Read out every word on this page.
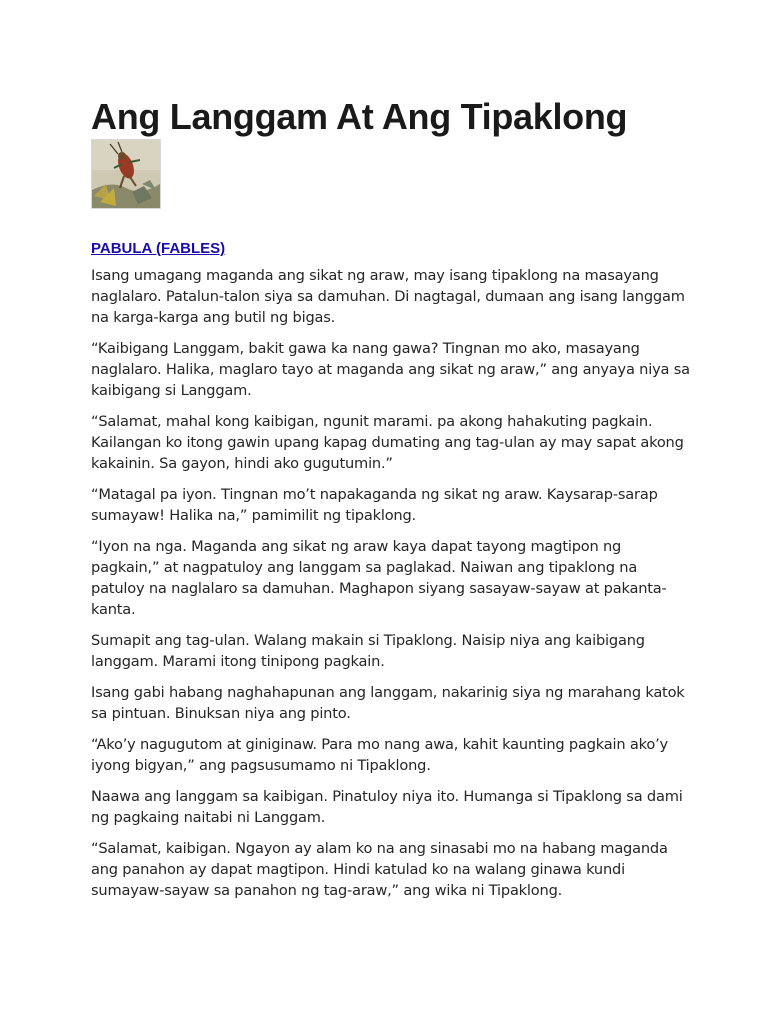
Ang Langgam At Ang Tipaklong
PABULA (FABLES)

Isang umagang maganda ang sikat ng araw, may isang tipaklong na masayang naglalaro. Patalun-talon siya sa damuhan. Di nagtagal, dumaan ang isang langgam na karga-karga ang butil ng bigas.

“Kaibigang Langgam, bakit gawa ka nang gawa? Tingnan mo ako, masayang naglalaro. Halika, maglaro tayo at maganda ang sikat ng araw,” ang anyaya niya sa kaibigang si Langgam.

“Salamat, mahal kong kaibigan, ngunit marami. pa akong hahakuting pagkain. Kailangan ko itong gawin upang kapag dumating ang tag-ulan ay may sapat akong kakainin. Sa gayon, hindi ako gugutumin.”

“Matagal pa iyon. Tingnan mo’t napakaganda ng sikat ng araw. Kaysarap-sarap sumayaw! Halika na,” pamimilit ng tipaklong.

“Iyon na nga. Maganda ang sikat ng araw kaya dapat tayong magtipon ng pagkain,” at nagpatuloy ang langgam sa paglakad. Naiwan ang tipaklong na patuloy na naglalaro sa damuhan. Maghapon siyang sasayaw-sayaw at pakanta-kanta.

Sumapit ang tag-ulan. Walang makain si Tipaklong. Naisip niya ang kaibigang langgam. Marami itong tinipong pagkain.

Isang gabi habang naghahapunan ang langgam, nakarinig siya ng marahang katok sa pintuan. Binuksan niya ang pinto.

“Ako’y nagugutom at giniginaw. Para mo nang awa, kahit kaunting pagkain ako’y iyong bigyan,” ang pagsusumamo ni Tipaklong.

Naawa ang langgam sa kaibigan. Pinatuloy niya ito. Humanga si Tipaklong sa dami ng pagkaing naitabi ni Langgam.

“Salamat, kaibigan. Ngayon ay alam ko na ang sinasabi mo na habang maganda ang panahon ay dapat magtipon. Hindi katulad ko na walang ginawa kundi sumayaw-sayaw sa panahon ng tag-araw,” ang wika ni Tipaklong.
